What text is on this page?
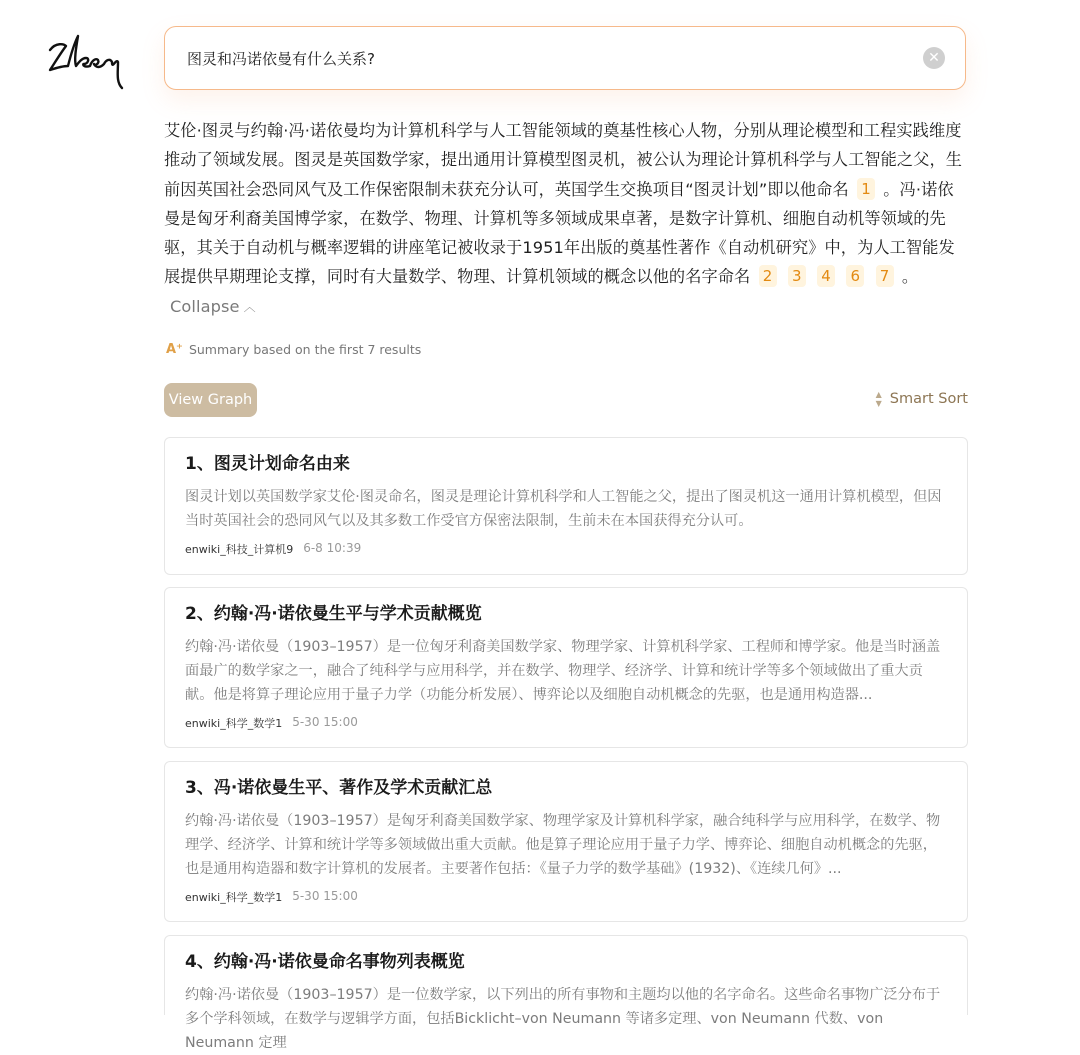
图灵和冯诺依曼有什么关系?
✕
艾伦·图灵与约翰·冯·诺依曼均为计算机科学与人工智能领域的奠基性核心人物，分别从理论模型和工程实践维度推动了领域发展。图灵是英国数学家，提出通用计算模型图灵机，被公认为理论计算机科学与人工智能之父，生前因英国社会恐同风气及工作保密限制未获充分认可，英国学生交换项目“图灵计划”即以他命名 1 。冯·诺依曼是匈牙利裔美国博学家，在数学、物理、计算机等多领域成果卓著，是数字计算机、细胞自动机等领域的先驱，其关于自动机与概率逻辑的讲座笔记被收录于1951年出版的奠基性著作《自动机研究》中，为人工智能发展提供早期理论支撑，同时有大量数学、物理、计算机领域的概念以他的名字命名 2 3 4 6 7 。 Collapse ︿
A⁺ Summary based on the first 7 results
View Graph	▲
▼ Smart Sort
1、图灵计划命名由来
图灵计划以英国数学家艾伦·图灵命名，图灵是理论计算机科学和人工智能之父，提出了图灵机这一通用计算机模型，但因当时英国社会的恐同风气以及其多数工作受官方保密法限制，生前未在本国获得充分认可。
enwiki_科技_计算机9 6-8 10:39
2、约翰·冯·诺依曼生平与学术贡献概览
约翰·冯·诺依曼（1903–1957）是一位匈牙利裔美国数学家、物理学家、计算机科学家、工程师和博学家。他是当时涵盖面最广的数学家之一，融合了纯科学与应用科学，并在数学、物理学、经济学、计算和统计学等多个领域做出了重大贡献。他是将算子理论应用于量子力学（功能分析发展）、博弈论以及细胞自动机概念的先驱，也是通用构造器...
enwiki_科学_数学1 5-30 15:00
3、冯·诺依曼生平、著作及学术贡献汇总
约翰·冯·诺依曼（1903–1957）是匈牙利裔美国数学家、物理学家及计算机科学家，融合纯科学与应用科学，在数学、物理学、经济学、计算和统计学等多领域做出重大贡献。他是算子理论应用于量子力学、博弈论、细胞自动机概念的先驱，也是通用构造器和数字计算机的发展者。主要著作包括：《量子力学的数学基础》(1932)、《连续几何》...
enwiki_科学_数学1 5-30 15:00
4、约翰·冯·诺依曼命名事物列表概览
约翰·冯·诺依曼（1903–1957）是一位数学家，以下列出的所有事物和主题均以他的名字命名。这些命名事物广泛分布于多个学科领域，在数学与逻辑学方面，包括Bicklicht–von Neumann 等诸多定理、von Neumann 代数、von Neumann 定理
